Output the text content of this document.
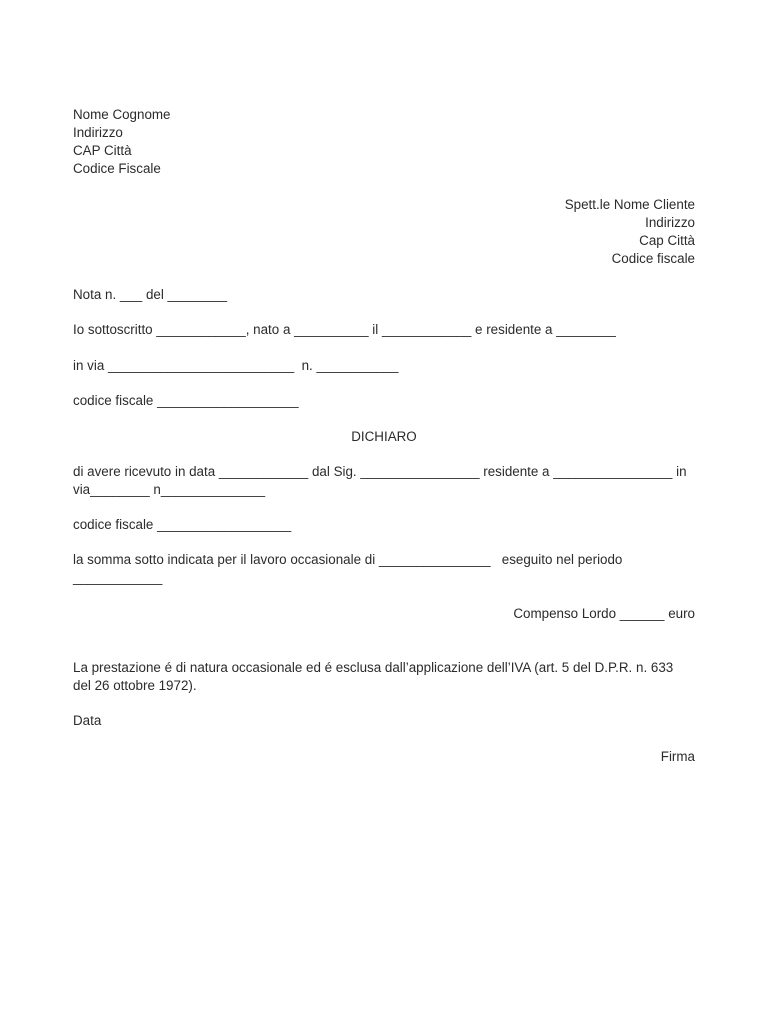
Nome Cognome
Indirizzo
CAP Città
Codice Fiscale
Spett.le Nome Cliente
Indirizzo
Cap Città
Codice fiscale
Nota n. ___ del ________
Io sottoscritto ____________, nato a __________ il ____________ e residente a ________
in via _________________________  n. ___________
codice fiscale ___________________
DICHIARO
di avere ricevuto in data ____________ dal Sig. ________________ residente a ________________ in
via________ n______________
codice fiscale __________________
la somma sotto indicata per il lavoro occasionale di _______________   eseguito nel periodo
____________
Compenso Lordo ______ euro
La prestazione é di natura occasionale ed é esclusa dall’applicazione dell’IVA (art. 5 del D.P.R. n. 633
del 26 ottobre 1972).
Data
Firma
